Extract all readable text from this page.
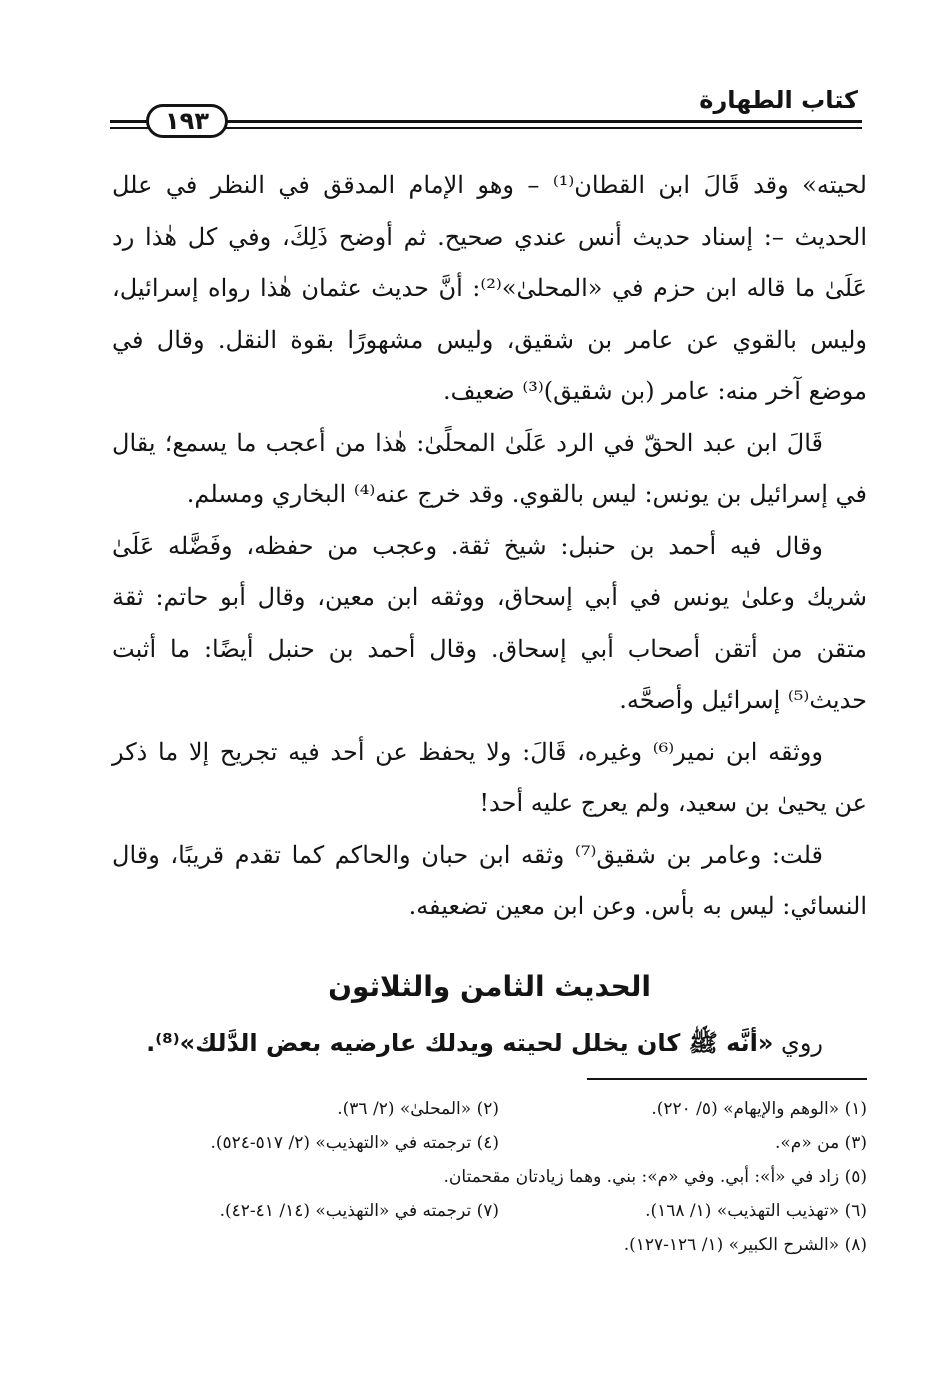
كتاب الطهارة
١٩٣

لحيته» وقد قَالَ ابن القطان⁽¹⁾ – وهو الإمام المدقق في النظر في علل الحديث –: إسناد حديث أنس عندي صحيح. ثم أوضح ذَلِكَ، وفي كل هٰذا رد عَلَىٰ ما قاله ابن حزم في «المحلىٰ»⁽²⁾: أنَّ حديث عثمان هٰذا رواه إسرائيل، وليس بالقوي عن عامر بن شقيق، وليس مشهورًا بقوة النقل. وقال في موضع آخر منه: عامر (بن شقيق)⁽³⁾ ضعيف.

قَالَ ابن عبد الحقّ في الرد عَلَىٰ المحلًىٰ: هٰذا من أعجب ما يسمع؛ يقال في إسرائيل بن يونس: ليس بالقوي. وقد خرج عنه⁽⁴⁾ البخاري ومسلم.

وقال فيه أحمد بن حنبل: شيخ ثقة. وعجب من حفظه، وفَضَّله عَلَىٰ شريك وعلىٰ يونس في أبي إسحاق، ووثقه ابن معين، وقال أبو حاتم: ثقة متقن من أتقن أصحاب أبي إسحاق. وقال أحمد بن حنبل أيضًا: ما أثبت حديث⁽⁵⁾ إسرائيل وأصحَّه.

ووثقه ابن نمير⁽⁶⁾ وغيره، قَالَ: ولا يحفظ عن أحد فيه تجريح إلا ما ذكر عن يحيىٰ بن سعيد، ولم يعرج عليه أحد!

قلت: وعامر بن شقيق⁽⁷⁾ وثقه ابن حبان والحاكم كما تقدم قريبًا، وقال النسائي: ليس به بأس. وعن ابن معين تضعيفه.

الحديث الثامن والثلاثون

روي «أنَّه ﷺ كان يخلل لحيته ويدلك عارضيه بعض الدَّلك»⁽⁸⁾.

(١) «الوهم والإيهام» (٥/ ٢٢٠).
(٢) «المحلىٰ» (٢/ ٣٦).
(٣) من «م».
(٤) ترجمته في «التهذيب» (٢/ ٥١٧-٥٢٤).
(٥) زاد في «أ»: أبي. وفي «م»: بني. وهما زيادتان مقحمتان.
(٦) «تهذيب التهذيب» (١/ ١٦٨).
(٧) ترجمته في «التهذيب» (١٤/ ٤١-٤٢).
(٨) «الشرح الكبير» (١/ ١٢٦-١٢٧).
